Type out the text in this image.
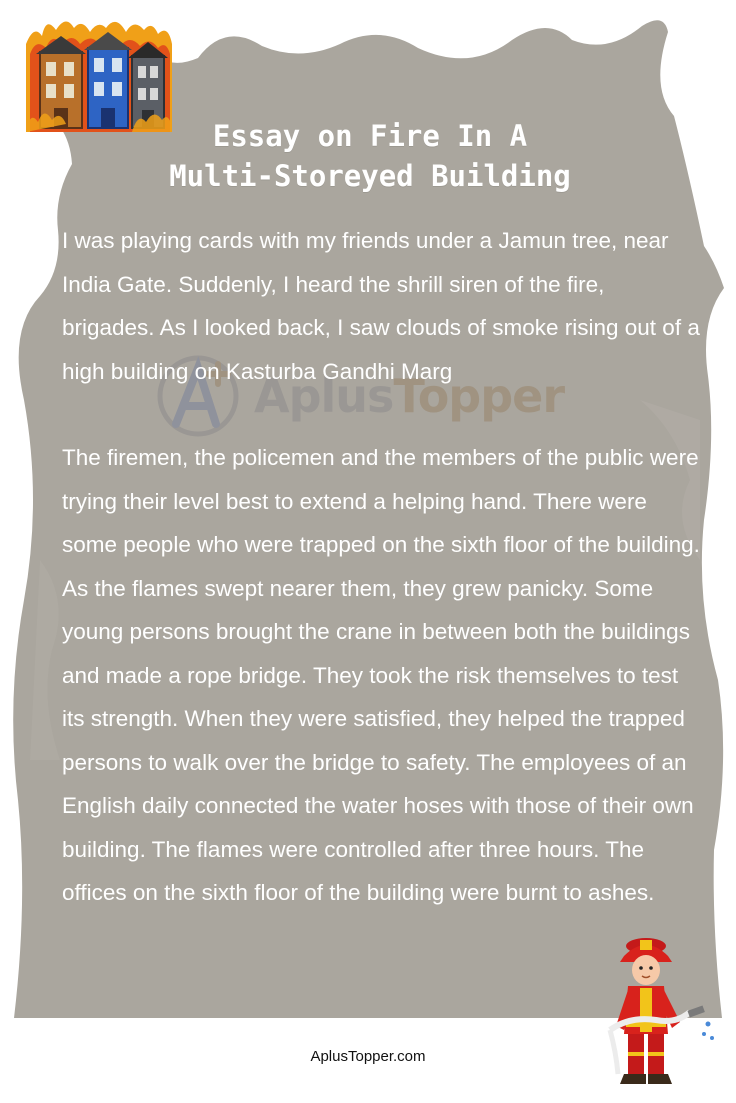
AplusTopper
Essay on Fire In A
Multi-Storeyed Building

I was playing cards with my friends under a Jamun tree, near India Gate. Suddenly, I heard the shrill siren of the fire, brigades. As I looked back, I saw clouds of smoke rising out of a high building on Kasturba Gandhi Marg

The firemen, the policemen and the members of the public were trying their level best to extend a helping hand. There were some people who were trapped on the sixth floor of the building. As the flames swept nearer them, they grew panicky. Some young persons brought the crane in between both the buildings and made a rope bridge. They took the risk themselves to test its strength. When they were satisfied, they helped the trapped persons to walk over the bridge to safety. The employees of an English daily connected the water hoses with those of their own building. The flames were controlled after three hours. The offices on the sixth floor of the building were burnt to ashes.

AplusTopper.com
